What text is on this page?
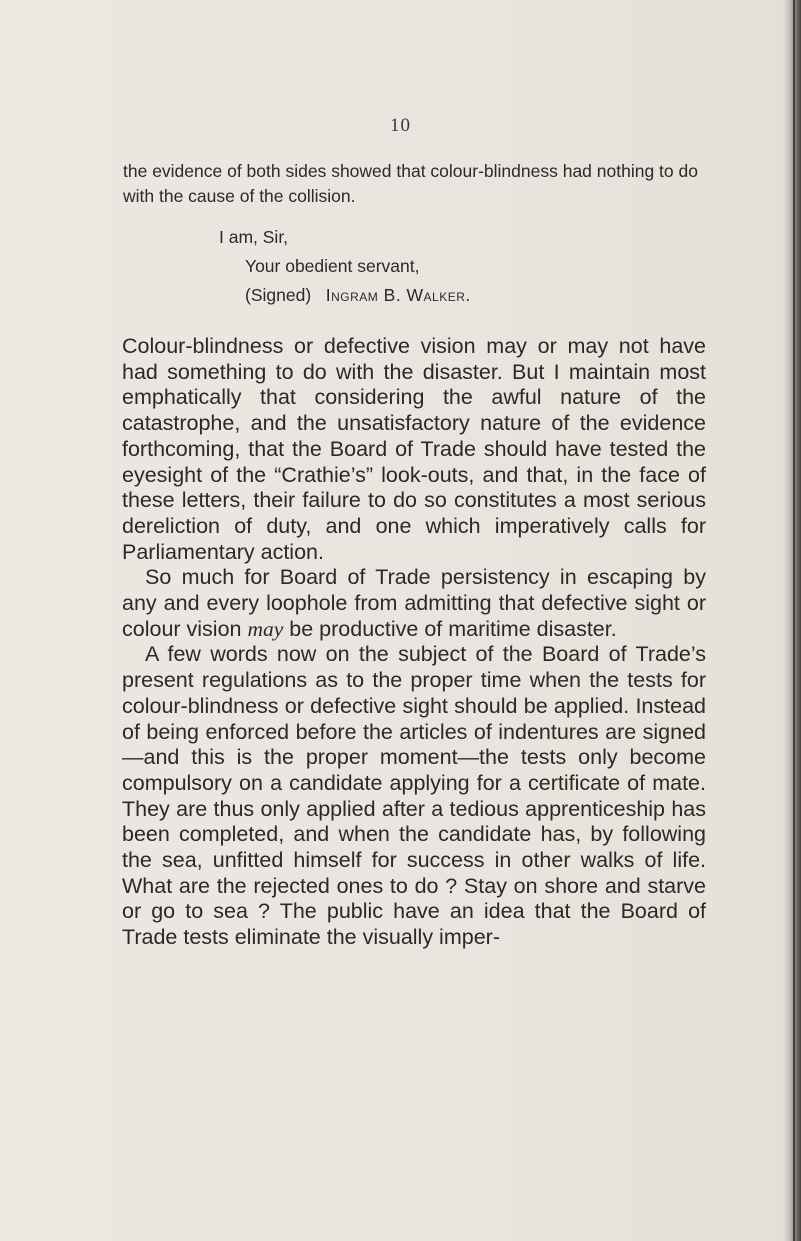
10
the evidence of both sides showed that colour-blindness had nothing to do with the cause of the collision.
I am, Sir,
Your obedient servant,
(Signed) Ingram B. Walker.

Colour-blindness or defective vision may or may not have had something to do with the disaster. But I maintain most emphatically that considering the awful nature of the catastrophe, and the unsatisfactory nature of the evidence forthcoming, that the Board of Trade should have tested the eyesight of the “Crathie’s” look-outs, and that, in the face of these letters, their failure to do so constitutes a most serious dereliction of duty, and one which imperatively calls for Parliamentary action.

So much for Board of Trade persistency in escaping by any and every loophole from admitting that defective sight or colour vision may be productive of maritime disaster.

A few words now on the subject of the Board of Trade’s present regulations as to the proper time when the tests for colour-blindness or defective sight should be applied. Instead of being enforced before the articles of indentures are signed—and this is the proper moment—the tests only become compulsory on a candidate applying for a certificate of mate. They are thus only applied after a tedious apprenticeship has been completed, and when the candidate has, by following the sea, unfitted himself for success in other walks of life. What are the rejected ones to do ? Stay on shore and starve or go to sea ? The public have an idea that the Board of Trade tests eliminate the visually imper-
